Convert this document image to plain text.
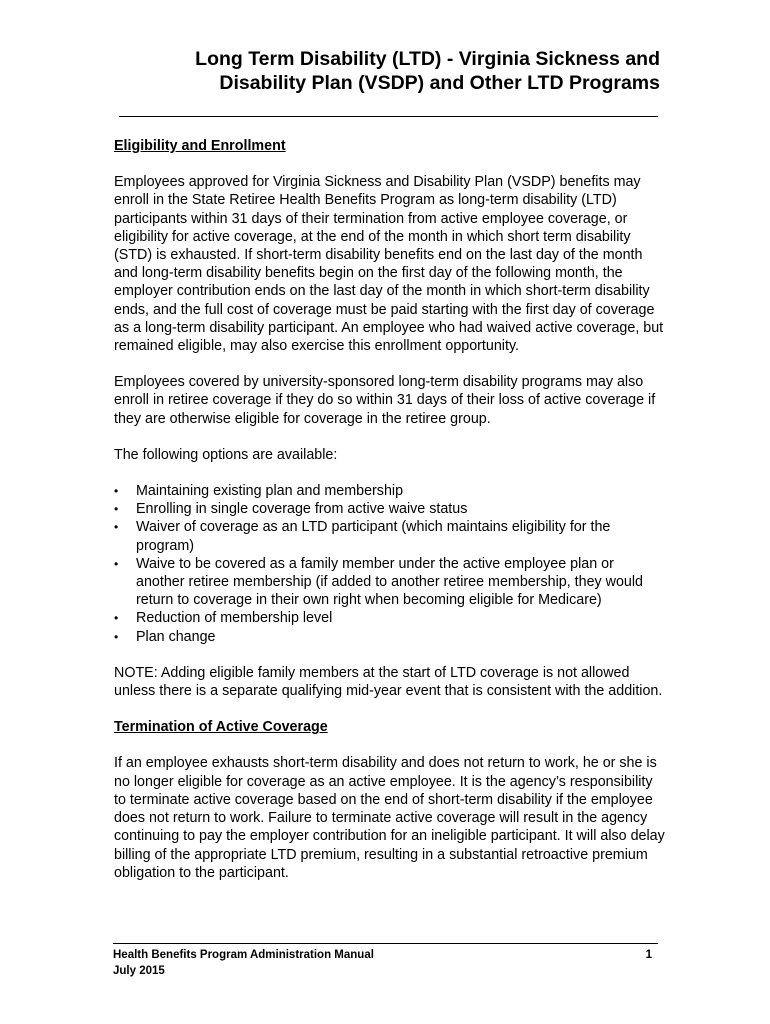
Long Term Disability (LTD) - Virginia Sickness and
Disability Plan (VSDP) and Other LTD Programs

Eligibility and Enrollment

Employees approved for Virginia Sickness and Disability Plan (VSDP) benefits may enroll in the State Retiree Health Benefits Program as long-term disability (LTD) participants within 31 days of their termination from active employee coverage, or eligibility for active coverage, at the end of the month in which short term disability (STD) is exhausted. If short-term disability benefits end on the last day of the month and long-term disability benefits begin on the first day of the following month, the employer contribution ends on the last day of the month in which short-term disability ends, and the full cost of coverage must be paid starting with the first day of coverage as a long-term disability participant. An employee who had waived active coverage, but remained eligible, may also exercise this enrollment opportunity.

Employees covered by university-sponsored long-term disability programs may also enroll in retiree coverage if they do so within 31 days of their loss of active coverage if they are otherwise eligible for coverage in the retiree group.

The following options are available:

•	Maintaining existing plan and membership
•	Enrolling in single coverage from active waive status
•	Waiver of coverage as an LTD participant (which maintains eligibility for the program)
•	Waive to be covered as a family member under the active employee plan or another retiree membership (if added to another retiree membership, they would return to coverage in their own right when becoming eligible for Medicare)
•	Reduction of membership level
•	Plan change

NOTE: Adding eligible family members at the start of LTD coverage is not allowed unless there is a separate qualifying mid-year event that is consistent with the addition.

Termination of Active Coverage

If an employee exhausts short-term disability and does not return to work, he or she is no longer eligible for coverage as an active employee. It is the agency’s responsibility to terminate active coverage based on the end of short-term disability if the employee does not return to work. Failure to terminate active coverage will result in the agency continuing to pay the employer contribution for an ineligible participant. It will also delay billing of the appropriate LTD premium, resulting in a substantial retroactive premium obligation to the participant.

Health Benefits Program Administration Manual
July 2015
1
